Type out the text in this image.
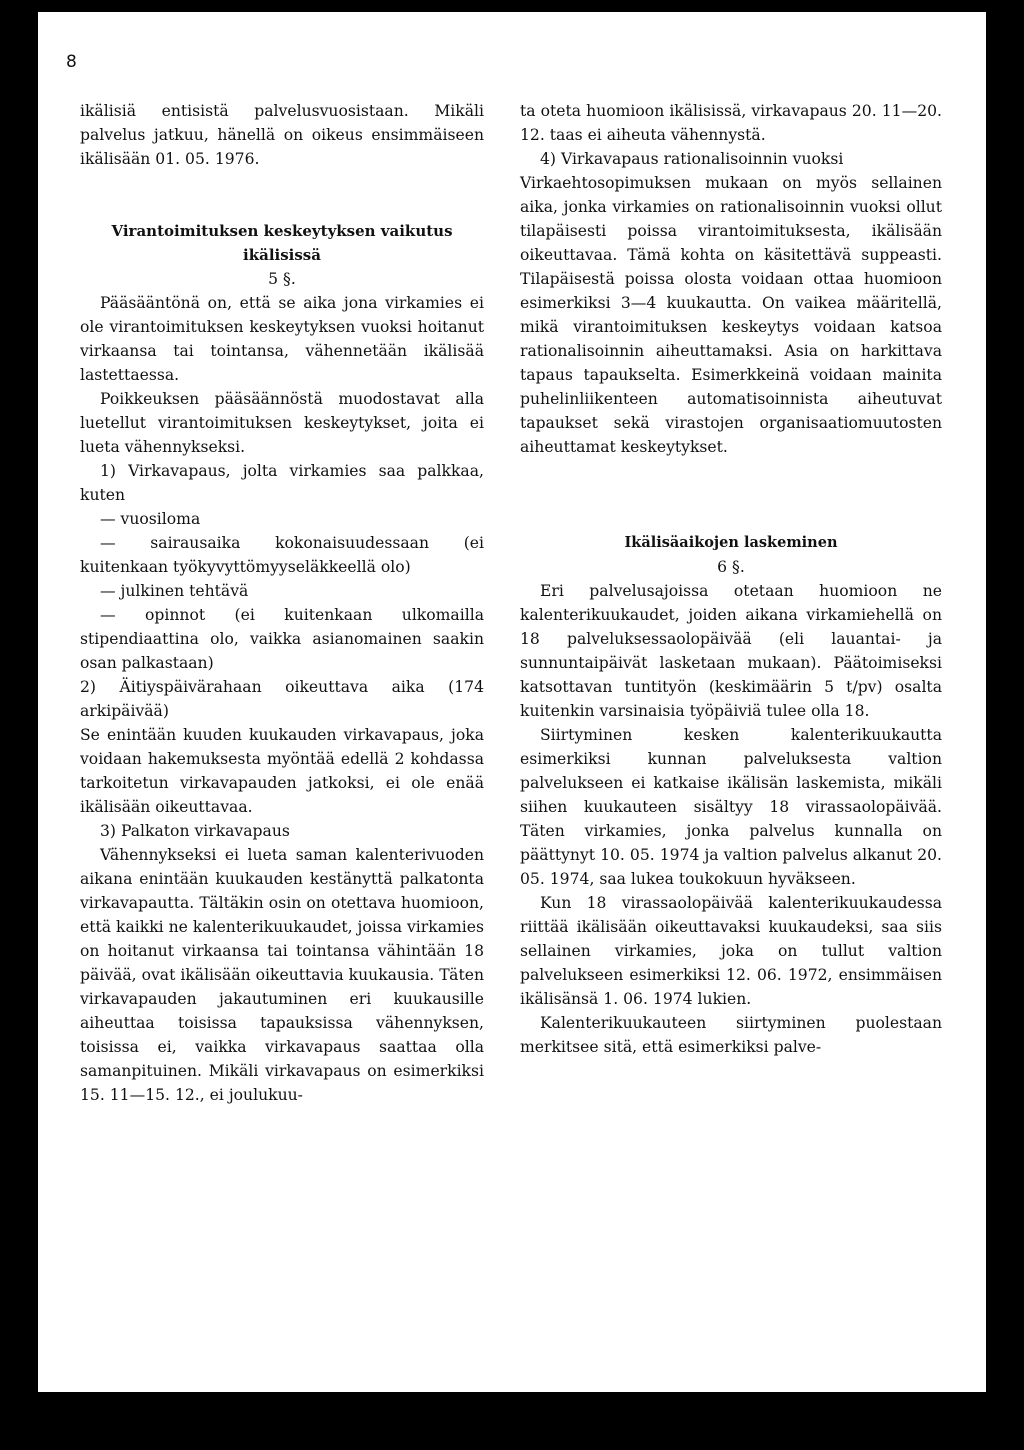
8

ikälisiä entisistä palvelusvuosistaan. Mikäli palvelus jatkuu, hänellä on oikeus ensimmäiseen ikälisään 01. 05. 1976.

Virantoimituksen keskeytyksen vaikutus

ikälisissä

5 §.

Pääsääntönä on, että se aika jona virkamies ei ole virantoimituksen keskeytyksen vuoksi hoitanut virkaansa tai tointansa, vähennetään ikälisää lastettaessa.

Poikkeuksen pääsäännöstä muodostavat alla luetellut virantoimituksen keskeytykset, joita ei lueta vähennykseksi.

1) Virkavapaus, jolta virkamies saa palkkaa, kuten

— vuosiloma

— sairausaika kokonaisuudessaan (ei kuitenkaan työkyvyttömyyseläkkeellä olo)

— julkinen tehtävä

— opinnot (ei kuitenkaan ulkomailla stipendiaattina olo, vaikka asianomainen saakin osan palkastaan)

2) Äitiyspäivärahaan oikeuttava aika (174 arkipäivää)

Se enintään kuuden kuukauden virkavapaus, joka voidaan hakemuksesta myöntää edellä 2 kohdassa tarkoitetun virkavapauden jatkoksi, ei ole enää ikälisään oikeuttavaa.

3) Palkaton virkavapaus

Vähennykseksi ei lueta saman kalenterivuoden aikana enintään kuukauden kestänyttä palkatonta virkavapautta. Tältäkin osin on otettava huomioon, että kaikki ne kalenterikuukaudet, joissa virkamies on hoitanut virkaansa tai tointansa vähintään 18 päivää, ovat ikälisään oikeuttavia kuukausia. Täten virkavapauden jakautuminen eri kuukausille aiheuttaa toisissa tapauksissa vähennyksen, toisissa ei, vaikka virkavapaus saattaa olla samanpituinen. Mikäli virkavapaus on esimerkiksi 15. 11—15. 12., ei joulukuu-

ta oteta huomioon ikälisissä, virkavapaus 20. 11—20. 12. taas ei aiheuta vähennystä.

4) Virkavapaus rationalisoinnin vuoksi

Virkaehtosopimuksen mukaan on myös sellainen aika, jonka virkamies on rationalisoinnin vuoksi ollut tilapäisesti poissa virantoimituksesta, ikälisään oikeuttavaa. Tämä kohta on käsitettävä suppeasti. Tilapäisestä poissa olosta voidaan ottaa huomioon esimerkiksi 3—4 kuukautta. On vaikea määritellä, mikä virantoimituksen keskeytys voidaan katsoa rationalisoinnin aiheuttamaksi. Asia on harkittava tapaus tapaukselta. Esimerkkeinä voidaan mainita puhelinliikenteen automatisoinnista aiheutuvat tapaukset sekä virastojen organisaatiomuutosten aiheuttamat keskeytykset.

Ikälisäaikojen laskeminen

6 §.

Eri palvelusajoissa otetaan huomioon ne kalenterikuukaudet, joiden aikana virkamiehellä on 18 palveluksessaolopäivää (eli lauantai- ja sunnuntaipäivät lasketaan mukaan). Päätoimiseksi katsottavan tuntityön (keskimäärin 5 t/pv) osalta kuitenkin varsinaisia työpäiviä tulee olla 18.

Siirtyminen kesken kalenterikuukautta esimerkiksi kunnan palveluksesta valtion palvelukseen ei katkaise ikälisän laskemista, mikäli siihen kuukauteen sisältyy 18 virassaolopäivää. Täten virkamies, jonka palvelus kunnalla on päättynyt 10. 05. 1974 ja valtion palvelus alkanut 20. 05. 1974, saa lukea toukokuun hyväkseen.

Kun 18 virassaolopäivää kalenterikuukaudessa riittää ikälisään oikeuttavaksi kuukaudeksi, saa siis sellainen virkamies, joka on tullut valtion palvelukseen esimerkiksi 12. 06. 1972, ensimmäisen ikälisänsä 1. 06. 1974 lukien.

Kalenterikuukauteen siirtyminen puolestaan merkitsee sitä, että esimerkiksi palve-
